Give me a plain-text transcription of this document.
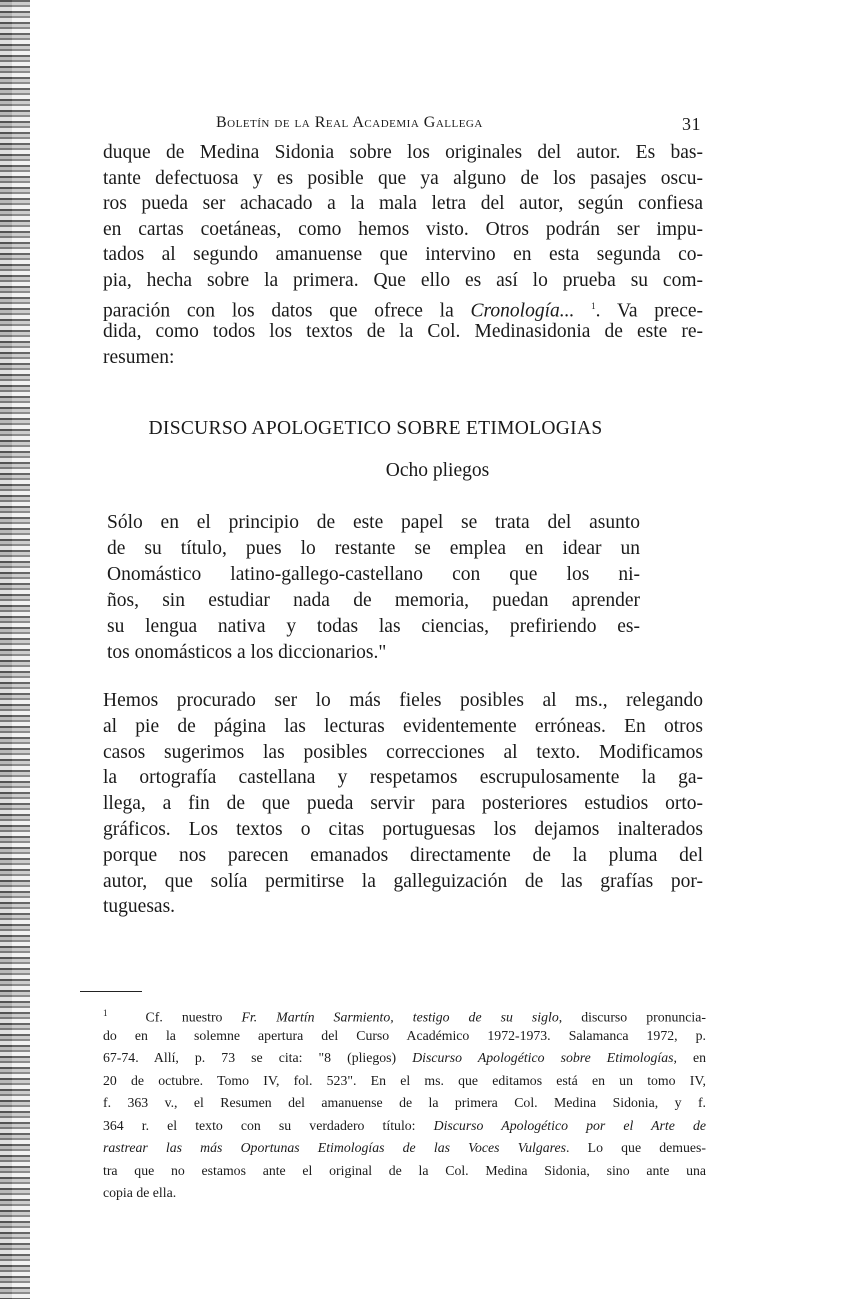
Boletín de la Real Academia Gallega	31
duque de Medina Sidonia sobre los originales del autor. Es bas-
tante defectuosa y es posible que ya alguno de los pasajes oscu-
ros pueda ser achacado a la mala letra del autor, según confiesa
en cartas coetáneas, como hemos visto. Otros podrán ser impu-
tados al segundo amanuense que intervino en esta segunda co-
pia, hecha sobre la primera. Que ello es así lo prueba su com-
paración con los datos que ofrece la Cronología... $^1$. Va prece-
dida, como todos los textos de la Col. Medinasidonia de este re-
resumen:
DISCURSO APOLOGETICO SOBRE ETIMOLOGIAS
Ocho pliegos
Sólo en el principio de este papel se trata del asunto
de su título, pues lo restante se emplea en idear un
Onomástico latino-gallego-castellano con que los ni-
ños, sin estudiar nada de memoria, puedan aprender
su lengua nativa y todas las ciencias, prefiriendo es-
tos onomásticos a los diccionarios."
Hemos procurado ser lo más fieles posibles al ms., relegando
al pie de página las lecturas evidentemente erróneas. En otros
casos sugerimos las posibles correcciones al texto. Modificamos
la ortografía castellana y respetamos escrupulosamente la ga-
llega, a fin de que pueda servir para posteriores estudios orto-
gráficos. Los textos o citas portuguesas los dejamos inalterados
porque nos parecen emanados directamente de la pluma del
autor, que solía permitirse la galleguización de las grafías por-
tuguesas.
$^1$	Cf. nuestro Fr. Martín Sarmiento, testigo de su siglo, discurso pronuncia-
do en la solemne apertura del Curso Académico 1972-1973. Salamanca 1972, p.
67-74. Allí, p. 73 se cita: "8 (pliegos) Discurso Apologético sobre Etimologías, en
20 de octubre. Tomo IV, fol. 523". En el ms. que editamos está en un tomo IV,
f. 363 v., el Resumen del amanuense de la primera Col. Medina Sidonia, y f.
364 r. el texto con su verdadero título: Discurso Apologético por el Arte de
rastrear las más Oportunas Etimologías de las Voces Vulgares. Lo que demues-
tra que no estamos ante el original de la Col. Medina Sidonia, sino ante una
copia de ella.
